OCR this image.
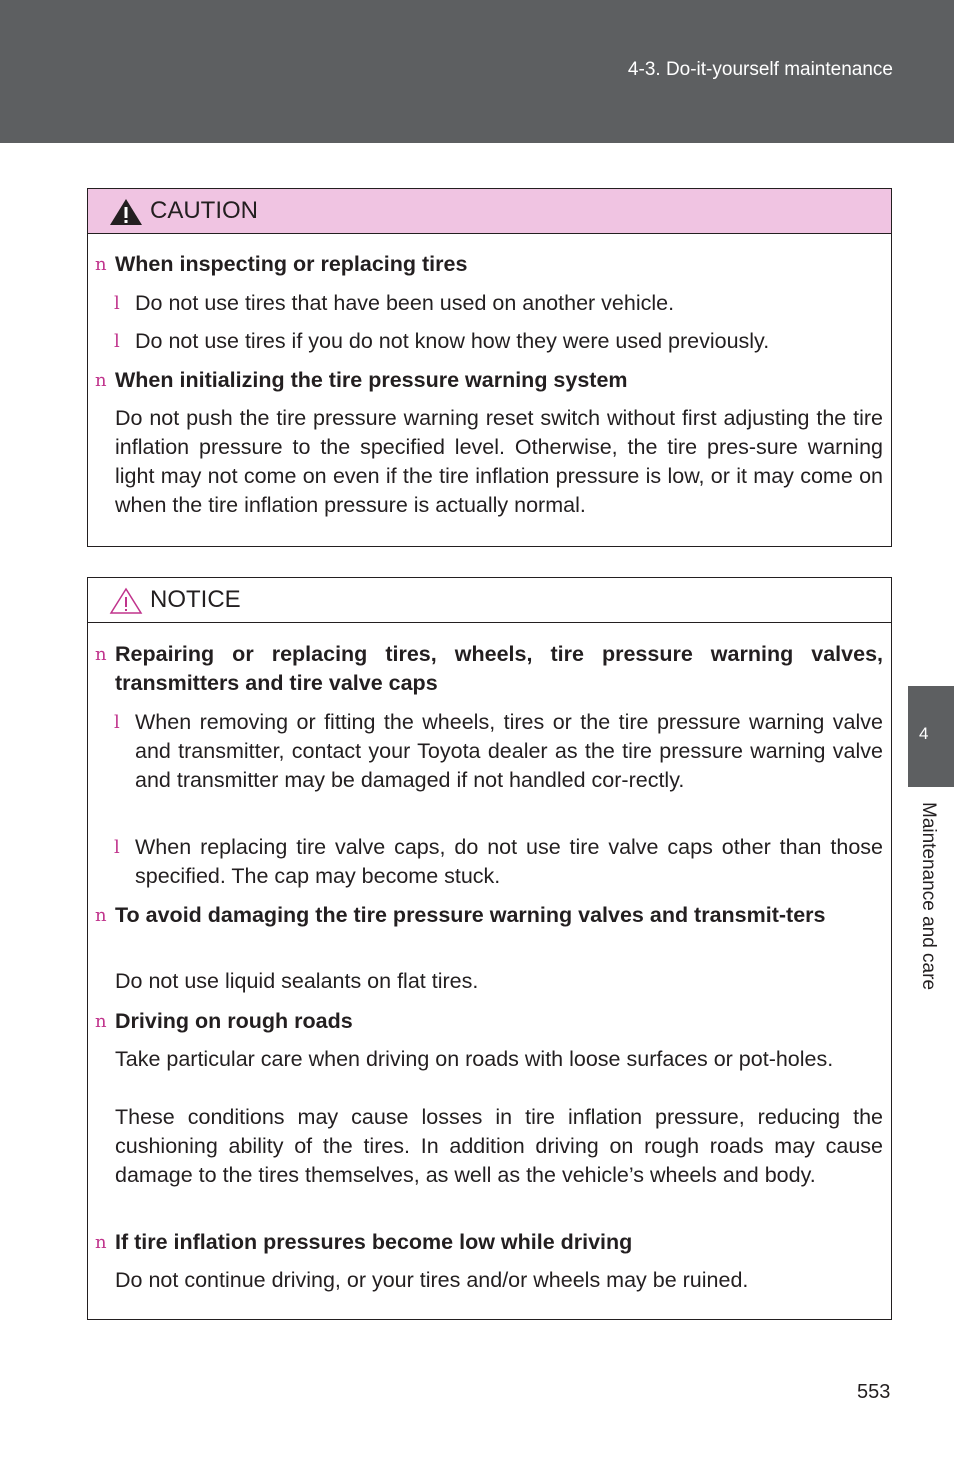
4-3. Do-it-yourself maintenance
4
Maintenance and care
CAUTION
n When inspecting or replacing tires
l Do not use tires that have been used on another vehicle.
l Do not use tires if you do not know how they were used previously.
n When initializing the tire pressure warning system
Do not push the tire pressure warning reset switch without first adjusting the tire inflation pressure to the specified level. Otherwise, the tire pres-sure warning light may not come on even if the tire inflation pressure is low, or it may come on when the tire inflation pressure is actually normal.
NOTICE
n Repairing or replacing tires, wheels, tire pressure warning valves, transmitters and tire valve caps
l When removing or fitting the wheels, tires or the tire pressure warning valve and transmitter, contact your Toyota dealer as the tire pressure warning valve and transmitter may be damaged if not handled cor-rectly.
l When replacing tire valve caps, do not use tire valve caps other than those specified. The cap may become stuck.
n To avoid damaging the tire pressure warning valves and transmit-ters
Do not use liquid sealants on flat tires.
n Driving on rough roads
Take particular care when driving on roads with loose surfaces or pot-holes.
These conditions may cause losses in tire inflation pressure, reducing the cushioning ability of the tires. In addition driving on rough roads may cause damage to the tires themselves, as well as the vehicle’s wheels and body.
n If tire inflation pressures become low while driving
Do not continue driving, or your tires and/or wheels may be ruined.
553
